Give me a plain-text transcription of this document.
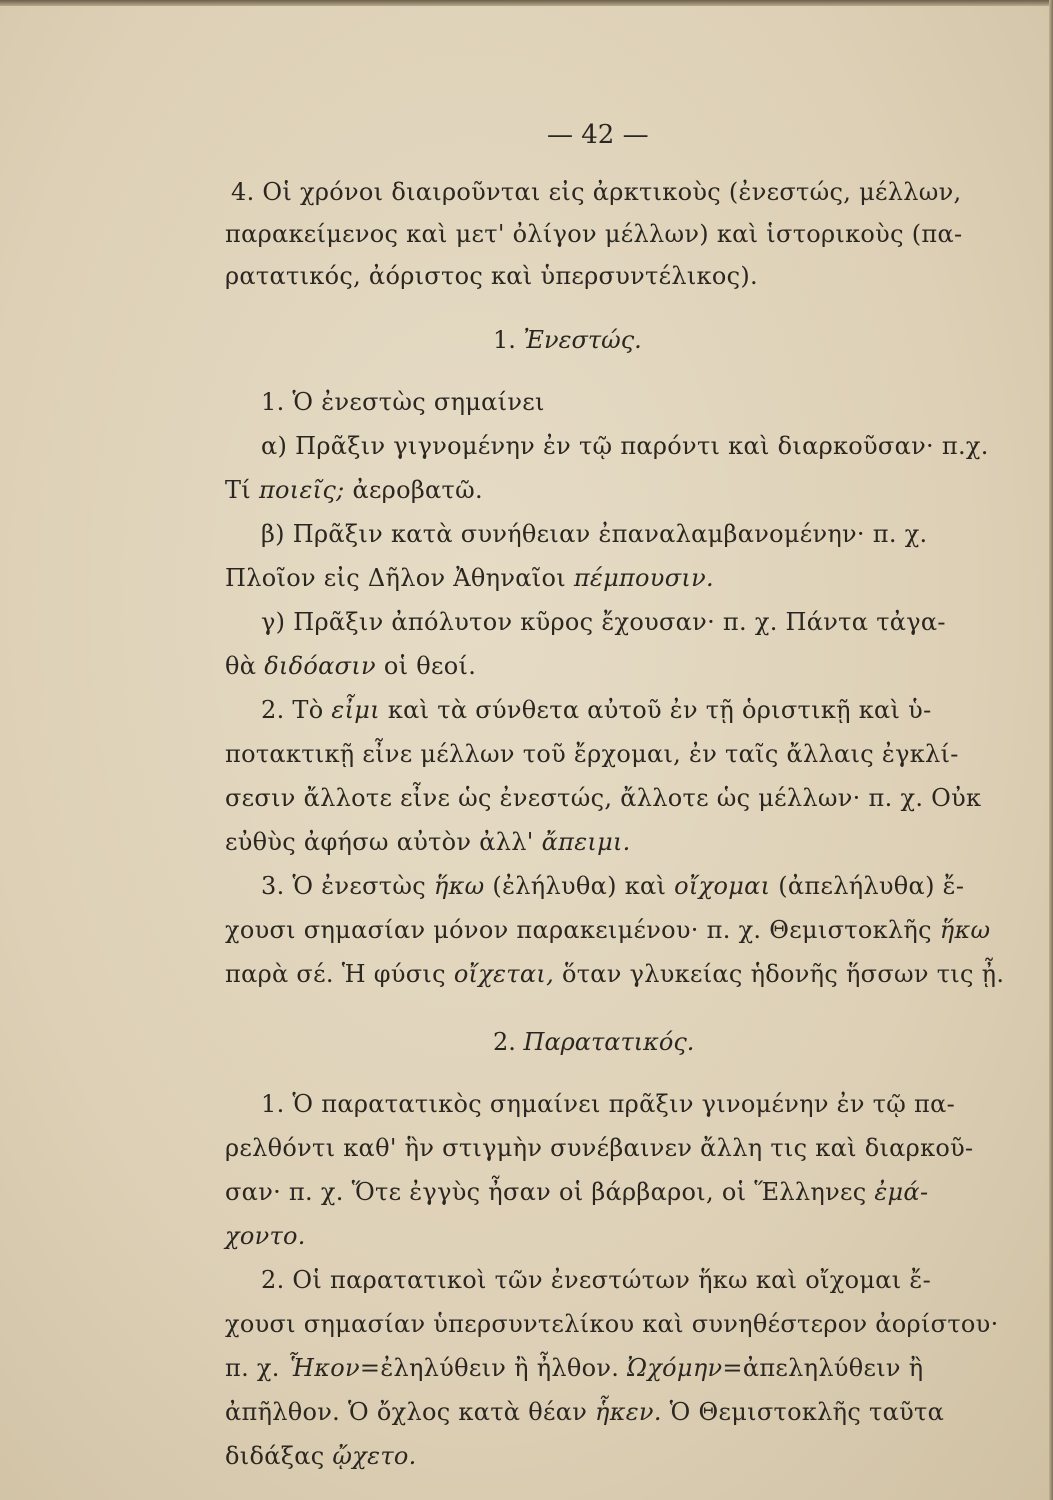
— 42 —
4. Οἱ χρόνοι διαιροῦνται εἰς ἀρκτικοὺς (ἐνεστώς, μέλλων,
παρακείμενος καὶ μετ' ὀλίγον μέλλων) καὶ ἱστορικοὺς (πα-
ρατατικός, ἀόριστος καὶ ὑπερσυντέλικος).
1. Ἐνεστώς.
1. Ὁ ἐνεστὼς σημαίνει
α) Πρᾶξιν γιγνομένην ἐν τῷ παρόντι καὶ διαρκοῦσαν· π.χ.
Τί ποιεῖς; ἀεροβατῶ.
β) Πρᾶξιν κατὰ συνήθειαν ἐπαναλαμβανομένην· π. χ.
Πλοῖον εἰς Δῆλον Ἀθηναῖοι πέμπουσιν.
γ) Πρᾶξιν ἀπόλυτον κῦρος ἔχουσαν· π. χ. Πάντα τἀγα-
θὰ διδόασιν οἱ θεοί.
2. Τὸ εἶμι καὶ τὰ σύνθετα αὐτοῦ ἐν τῇ ὁριστικῇ καὶ ὑ-
ποτακτικῇ εἶνε μέλλων τοῦ ἔρχομαι, ἐν ταῖς ἄλλαις ἐγκλί-
σεσιν ἄλλοτε εἶνε ὡς ἐνεστώς, ἄλλοτε ὡς μέλλων· π. χ. Οὐκ
εὐθὺς ἀφήσω αὐτὸν ἀλλ' ἄπειμι.
3. Ὁ ἐνεστὼς ἥκω (ἐλήλυθα) καὶ οἴχομαι (ἀπελήλυθα) ἔ-
χουσι σημασίαν μόνον παρακειμένου· π. χ. Θεμιστοκλῆς ἥκω
παρὰ σέ. Ἡ φύσις οἴχεται, ὅταν γλυκείας ἡδονῆς ἥσσων τις ᾖ.
2. Παρατατικός.
1. Ὁ παρατατικὸς σημαίνει πρᾶξιν γινομένην ἐν τῷ πα-
ρελθόντι καθ' ἣν στιγμὴν συνέβαινεν ἄλλη τις καὶ διαρκοῦ-
σαν· π. χ. Ὅτε ἐγγὺς ἦσαν οἱ βάρβαροι, οἱ Ἕλληνες ἐμά-
χοντο.
2. Οἱ παρατατικοὶ τῶν ἐνεστώτων ἥκω καὶ οἴχομαι ἔ-
χουσι σημασίαν ὑπερσυντελίκου καὶ συνηθέστερον ἀορίστου·
π. χ. Ἧκον=ἐληλύθειν ἢ ἦλθον. Ὠχόμην=ἀπεληλύθειν ἢ
ἀπῆλθον. Ὁ ὄχλος κατὰ θέαν ἧκεν. Ὁ Θεμιστοκλῆς ταῦτα
διδάξας ᾤχετο.
